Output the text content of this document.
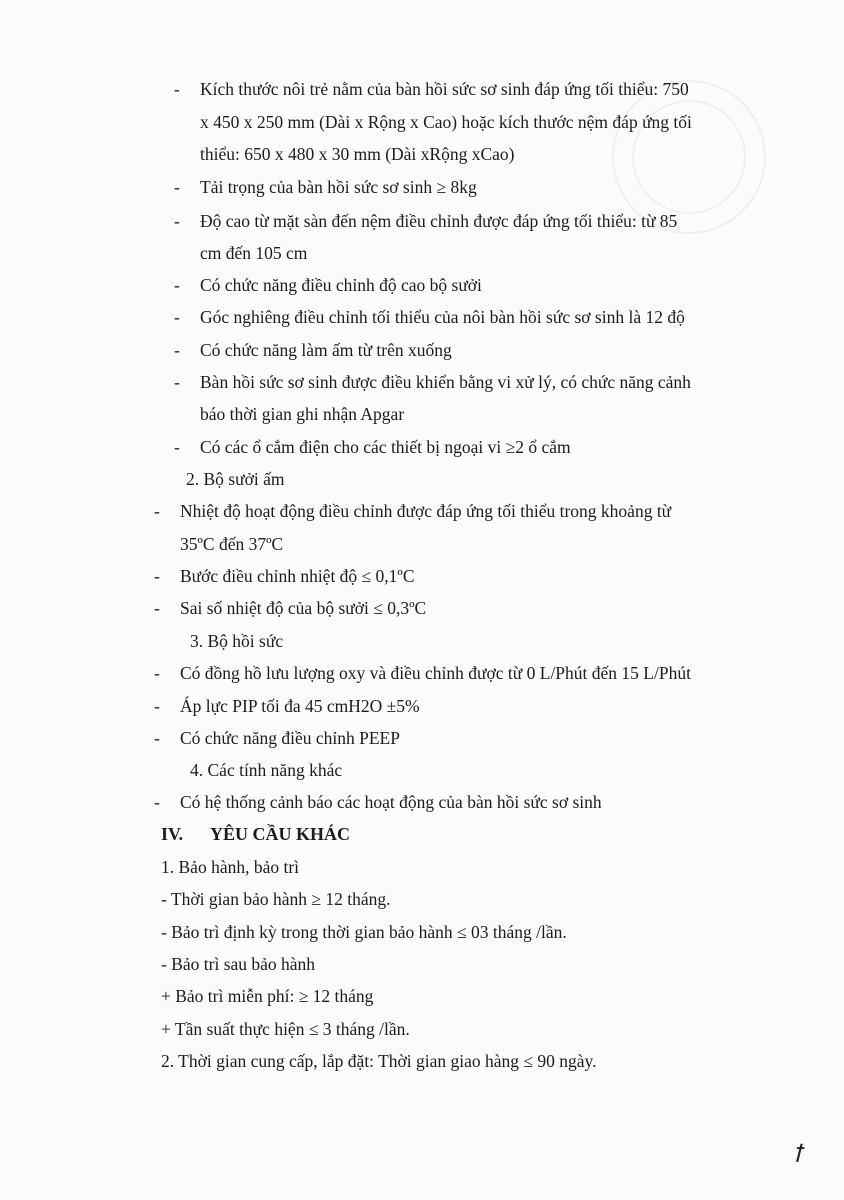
- Kích thước nôi trẻ nằm của bàn hồi sức sơ sinh đáp ứng tối thiểu: 750
x 450 x 250 mm (Dài x Rộng x Cao) hoặc kích thước nệm đáp ứng tối
thiểu: 650 x 480 x 30 mm (Dài xRộng xCao)
- Tải trọng của bàn hồi sức sơ sinh ≥ 8kg
- Độ cao từ mặt sàn đến nệm điều chỉnh được đáp ứng tối thiểu: từ 85
cm đến 105 cm
- Có chức năng điều chỉnh độ cao bộ sưởi
- Góc nghiêng điều chỉnh tối thiểu của nôi bàn hồi sức sơ sinh là 12 độ
- Có chức năng làm ấm từ trên xuống
- Bàn hồi sức sơ sinh được điều khiển bằng vi xử lý, có chức năng cảnh
báo thời gian ghi nhận Apgar
- Có các ổ cắm điện cho các thiết bị ngoại vi ≥2 ổ cắm
2. Bộ sưởi ấm
- Nhiệt độ hoạt động điều chỉnh được đáp ứng tối thiểu trong khoảng từ
35ºC đến 37ºC
- Bước điều chỉnh nhiệt độ ≤ 0,1ºC
- Sai số nhiệt độ của bộ sưởi ≤ 0,3ºC
3. Bộ hồi sức
- Có đồng hồ lưu lượng oxy và điều chỉnh được từ 0 L/Phút đến 15 L/Phút
- Áp lực PIP tối đa 45 cmH2O ±5%
- Có chức năng điều chỉnh PEEP
4. Các tính năng khác
- Có hệ thống cảnh báo các hoạt động của bàn hồi sức sơ sinh
IV. YÊU CẦU KHÁC
1. Bảo hành, bảo trì
- Thời gian bảo hành ≥ 12 tháng.
- Bảo trì định kỳ trong thời gian bảo hành ≤ 03 tháng /lần.
- Bảo trì sau bảo hành
+ Bảo trì miễn phí: ≥ 12 tháng
+ Tần suất thực hiện ≤ 3 tháng /lần.
2. Thời gian cung cấp, lắp đặt: Thời gian giao hàng ≤ 90 ngày.
ꝉ
